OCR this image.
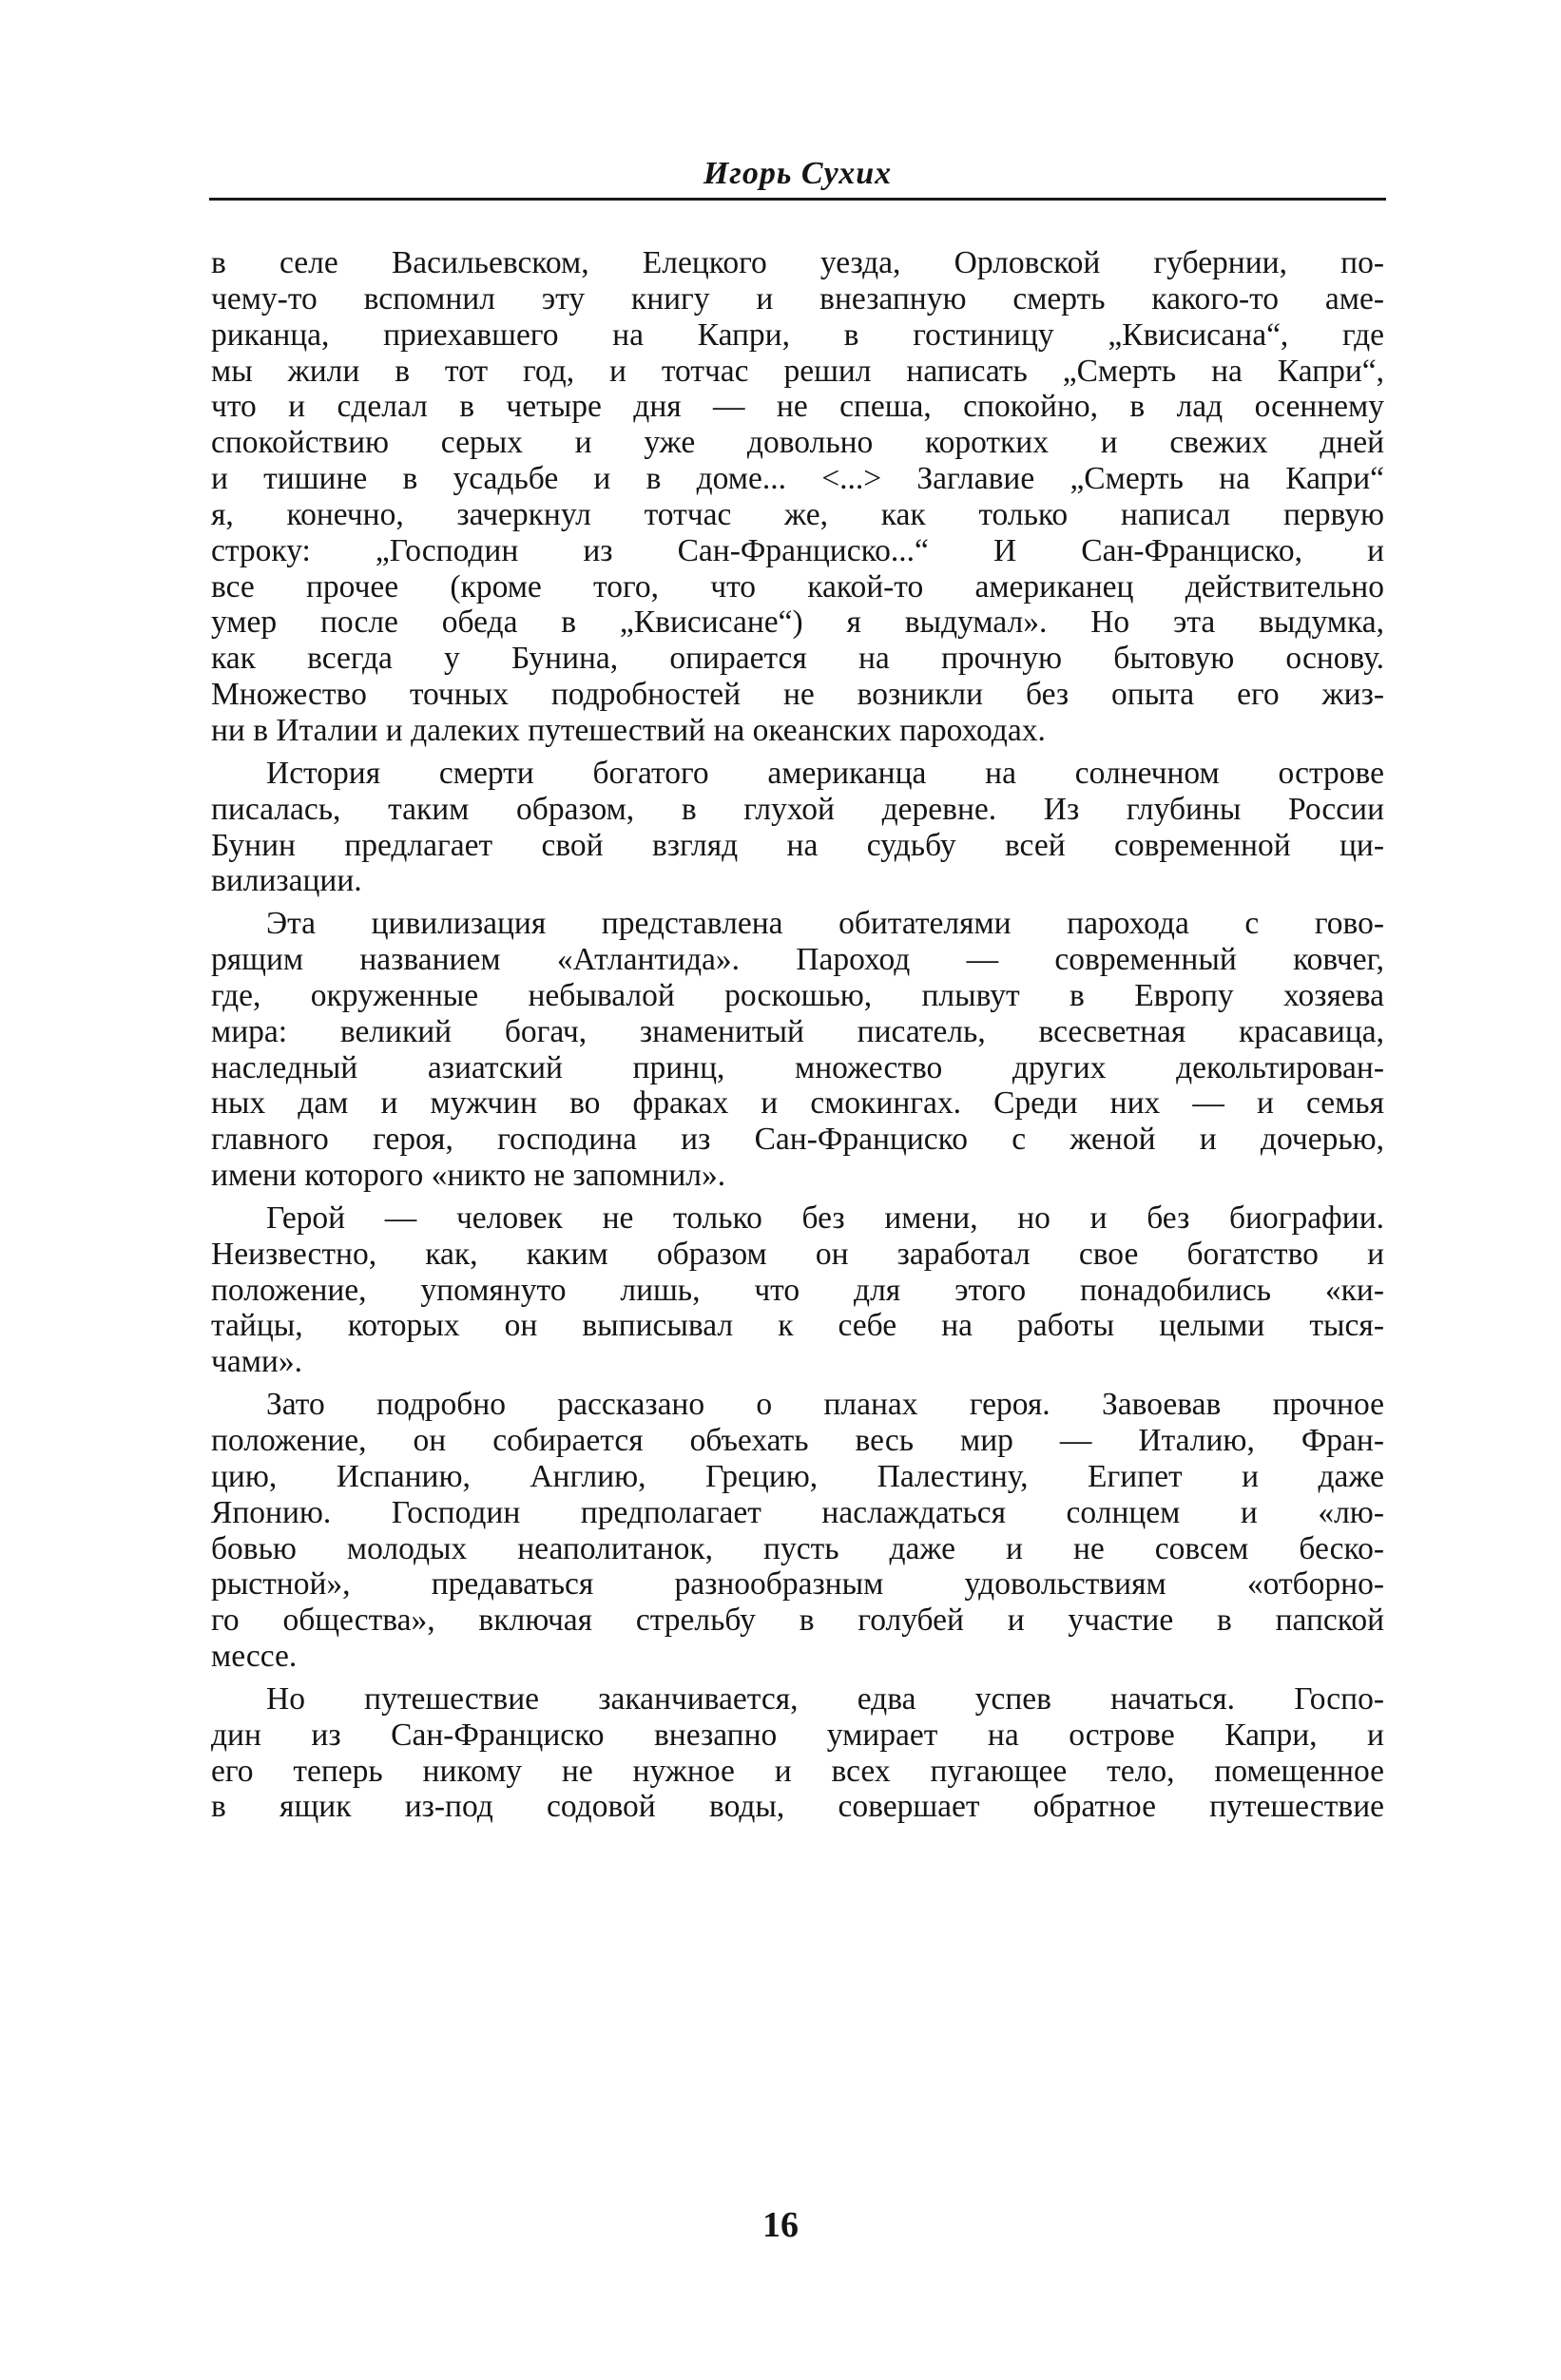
Игорь Сухих
в селе Васильевском, Елецкого уезда, Орловской губернии, по-
чему-то вспомнил эту книгу и внезапную смерть какого-то аме-
риканца, приехавшего на Капри, в гостиницу „Квисисана“, где
мы жили в тот год, и тотчас решил написать „Смерть на Капри“,
что и сделал в четыре дня — не спеша, спокойно, в лад осеннему
спокойствию серых и уже довольно коротких и свежих дней
и тишине в усадьбе и в доме... <...> Заглавие „Смерть на Капри“
я, конечно, зачеркнул тотчас же, как только написал первую
строку: „Господин из Сан-Франциско...“ И Сан-Франциско, и
все прочее (кроме того, что какой-то американец действительно
умер после обеда в „Квисисане“) я выдумал». Но эта выдумка,
как всегда у Бунина, опирается на прочную бытовую основу.
Множество точных подробностей не возникли без опыта его жиз-
ни в Италии и далеких путешествий на океанских пароходах.
История смерти богатого американца на солнечном острове
писалась, таким образом, в глухой деревне. Из глубины России
Бунин предлагает свой взгляд на судьбу всей современной ци-
вилизации.
Эта цивилизация представлена обитателями парохода с гово-
рящим названием «Атлантида». Пароход — современный ковчег,
где, окруженные небывалой роскошью, плывут в Европу хозяева
мира: великий богач, знаменитый писатель, всесветная красавица,
наследный азиатский принц, множество других декольтирован-
ных дам и мужчин во фраках и смокингах. Среди них — и семья
главного героя, господина из Сан-Франциско с женой и дочерью,
имени которого «никто не запомнил».
Герой — человек не только без имени, но и без биографии.
Неизвестно, как, каким образом он заработал свое богатство и
положение, упомянуто лишь, что для этого понадобились «ки-
тайцы, которых он выписывал к себе на работы целыми тыся-
чами».
Зато подробно рассказано о планах героя. Завоевав прочное
положение, он собирается объехать весь мир — Италию, Фран-
цию, Испанию, Англию, Грецию, Палестину, Египет и даже
Японию. Господин предполагает наслаждаться солнцем и «лю-
бовью молодых неаполитанок, пусть даже и не совсем беско-
рыстной», предаваться разнообразным удовольствиям «отборно-
го общества», включая стрельбу в голубей и участие в папской
мессе.
Но путешествие заканчивается, едва успев начаться. Госпо-
дин из Сан-Франциско внезапно умирает на острове Капри, и
его теперь никому не нужное и всех пугающее тело, помещенное
в ящик из-под содовой воды, совершает обратное путешествие
16
